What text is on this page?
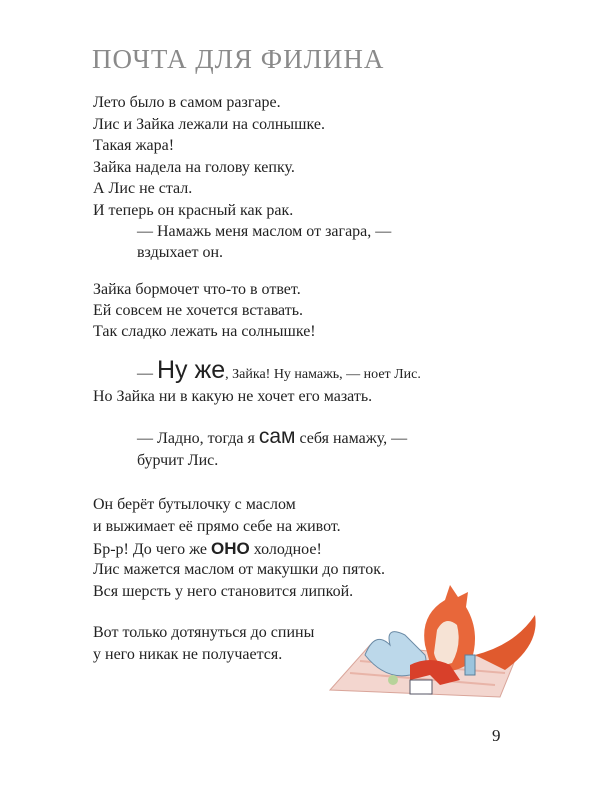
ПОЧТА ДЛЯ ФИЛИНА
Лето было в самом разгаре.
Лис и Зайка лежали на солнышке.
Такая жара!
Зайка надела на голову кепку.
А Лис не стал.
И теперь он красный как рак.
— Намажь меня маслом от загара, —
вздыхает он.
Зайка бормочет что-то в ответ.
Ей совсем не хочется вставать.
Так сладко лежать на солнышке!
— Ну же, Зайка! Ну намажь, — ноет Лис.
Но Зайка ни в какую не хочет его мазать.
— Ладно, тогда я сам себя намажу, —
бурчит Лис.
Он берёт бутылочку с маслом
и выжимает её прямо себе на живот.
Бр-р! До чего же ОНО холодное!
Лис мажется маслом от макушки до пяток.
Вся шерсть у него становится липкой.
Вот только дотянуться до спины
у него никак не получается.
9
